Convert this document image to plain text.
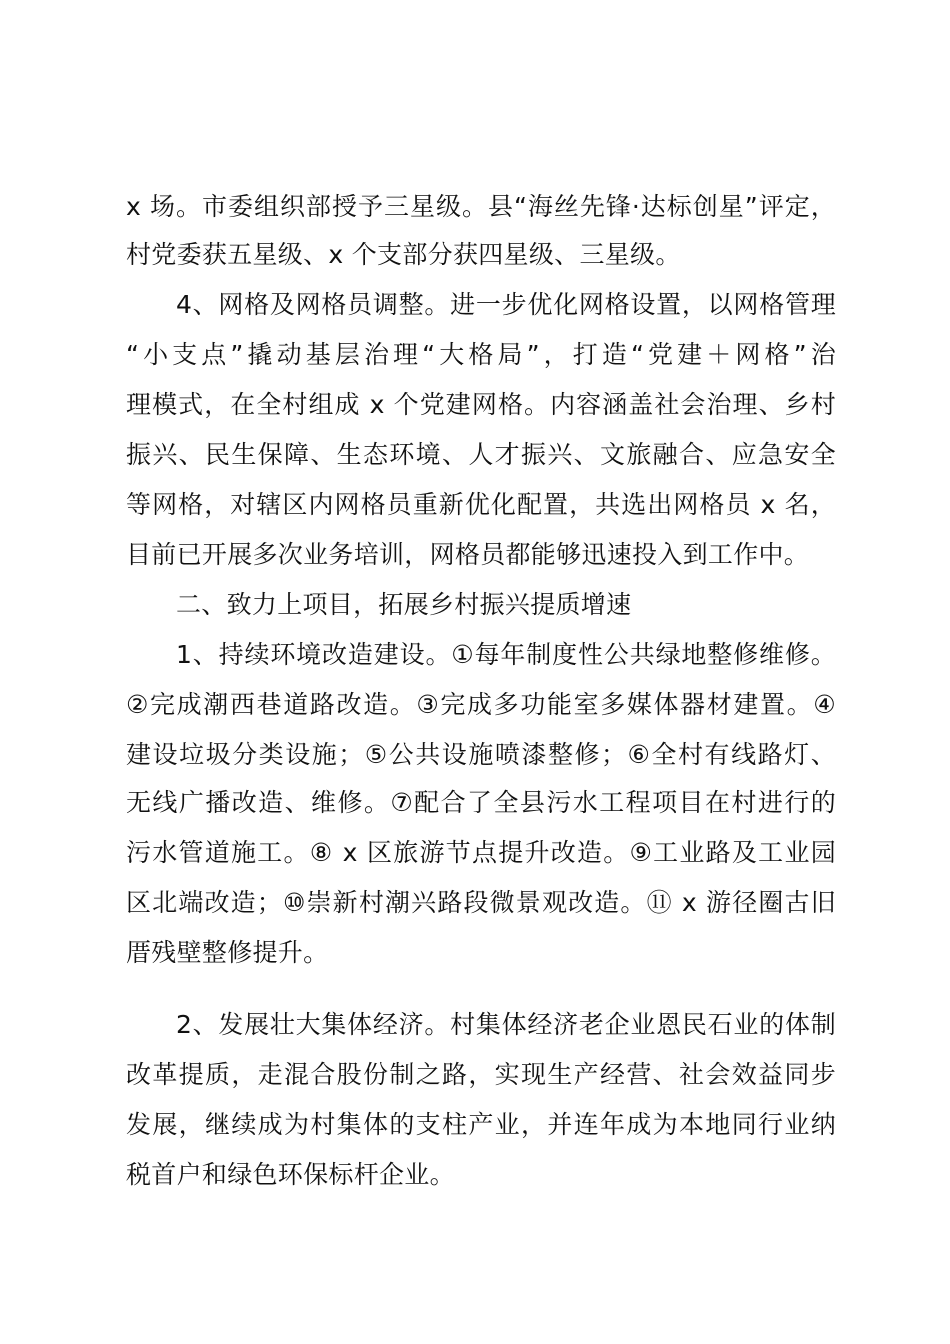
x 场。市委组织部授予三星级。县“海丝先锋·达标创星”评定，
村党委获五星级、x 个支部分获四星级、三星级。
4、网格及网格员调整。进一步优化网格设置，以网格管理
“小支点”撬动基层治理“大格局”，打造“党建＋网格”治
理模式，在全村组成 x 个党建网格。内容涵盖社会治理、乡村
振兴、民生保障、生态环境、人才振兴、文旅融合、应急安全
等网格，对辖区内网格员重新优化配置，共选出网格员 x 名，
目前已开展多次业务培训，网格员都能够迅速投入到工作中。
二、致力上项目，拓展乡村振兴提质增速
1、持续环境改造建设。①每年制度性公共绿地整修维修。
②完成潮西巷道路改造。③完成多功能室多媒体器材建置。④
建设垃圾分类设施；⑤公共设施喷漆整修；⑥全村有线路灯、
无线广播改造、维修。⑦配合了全县污水工程项目在村进行的
污水管道施工。⑧ x 区旅游节点提升改造。⑨工业路及工业园
区北端改造；⑩崇新村潮兴路段微景观改造。⑪ x 游径圈古旧
厝残壁整修提升。
2、发展壮大集体经济。村集体经济老企业恩民石业的体制
改革提质，走混合股份制之路，实现生产经营、社会效益同步
发展，继续成为村集体的支柱产业，并连年成为本地同行业纳
税首户和绿色环保标杆企业。
